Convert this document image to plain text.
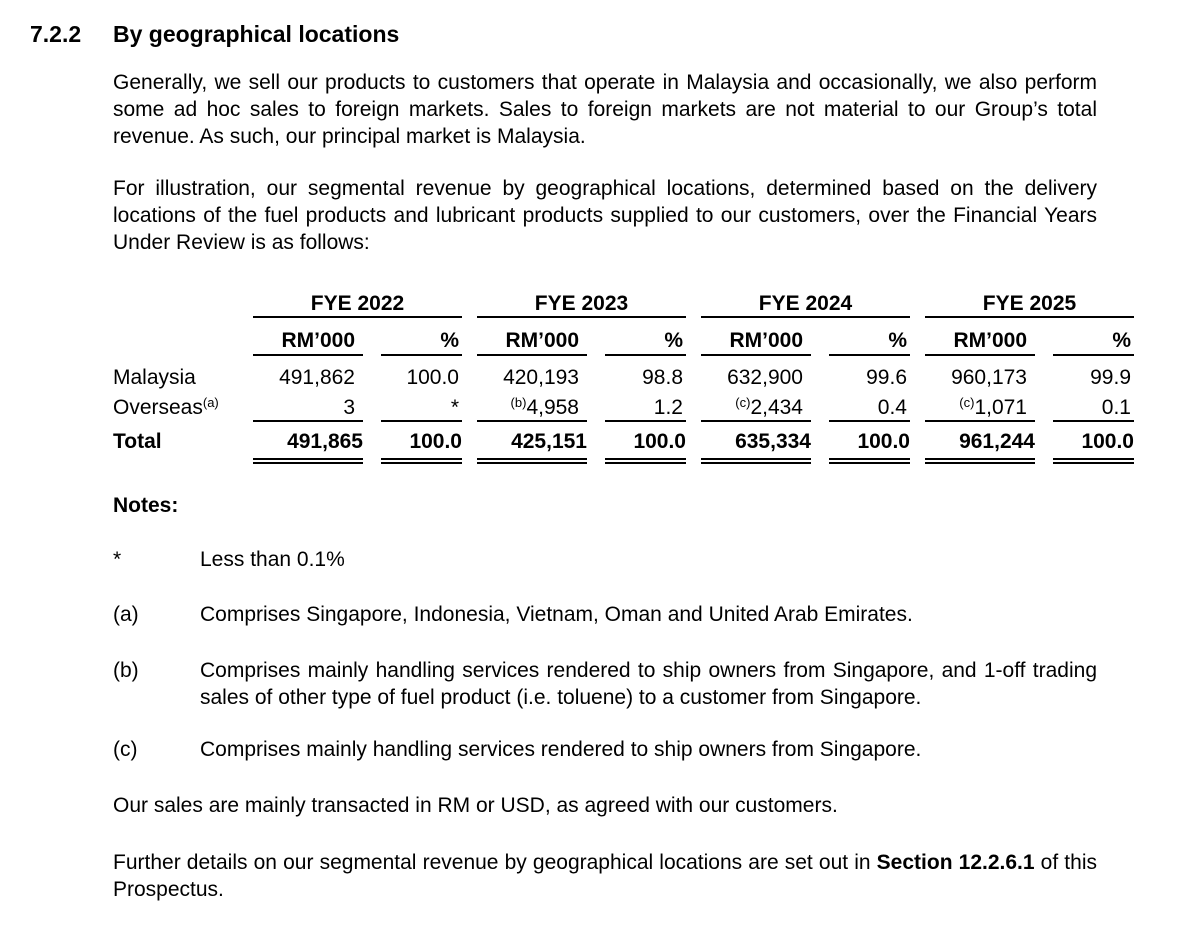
7.2.2	By geographical locations

Generally, we sell our products to customers that operate in Malaysia and occasionally, we also perform some ad hoc sales to foreign markets. Sales to foreign markets are not material to our Group’s total revenue. As such, our principal market is Malaysia.

For illustration, our segmental revenue by geographical locations, determined based on the delivery locations of the fuel products and lubricant products supplied to our customers, over the Financial Years Under Review is as follows:

FYE 2022	FYE 2023	FYE 2024	FYE 2025
RM’000	%	RM’000	%	RM’000	%	RM’000	%
Malaysia	491,862	100.0	420,193	98.8	632,900	99.6	960,173	99.9
Overseas$^{(a)}$	3	*	$^{(b)}$4,958	1.2	$^{(c)}$2,434	0.4	$^{(c)}$1,071	0.1
Total	491,865	100.0	425,151	100.0	635,334	100.0	961,244	100.0
Notes:
*	Less than 0.1%
(a)	Comprises Singapore, Indonesia, Vietnam, Oman and United Arab Emirates.
(b)	Comprises mainly handling services rendered to ship owners from Singapore, and 1-off trading sales of other type of fuel product (i.e. toluene) to a customer from Singapore.
(c)	Comprises mainly handling services rendered to ship owners from Singapore.

Our sales are mainly transacted in RM or USD, as agreed with our customers.

Further details on our segmental revenue by geographical locations are set out in Section 12.2.6.1 of this Prospectus.
